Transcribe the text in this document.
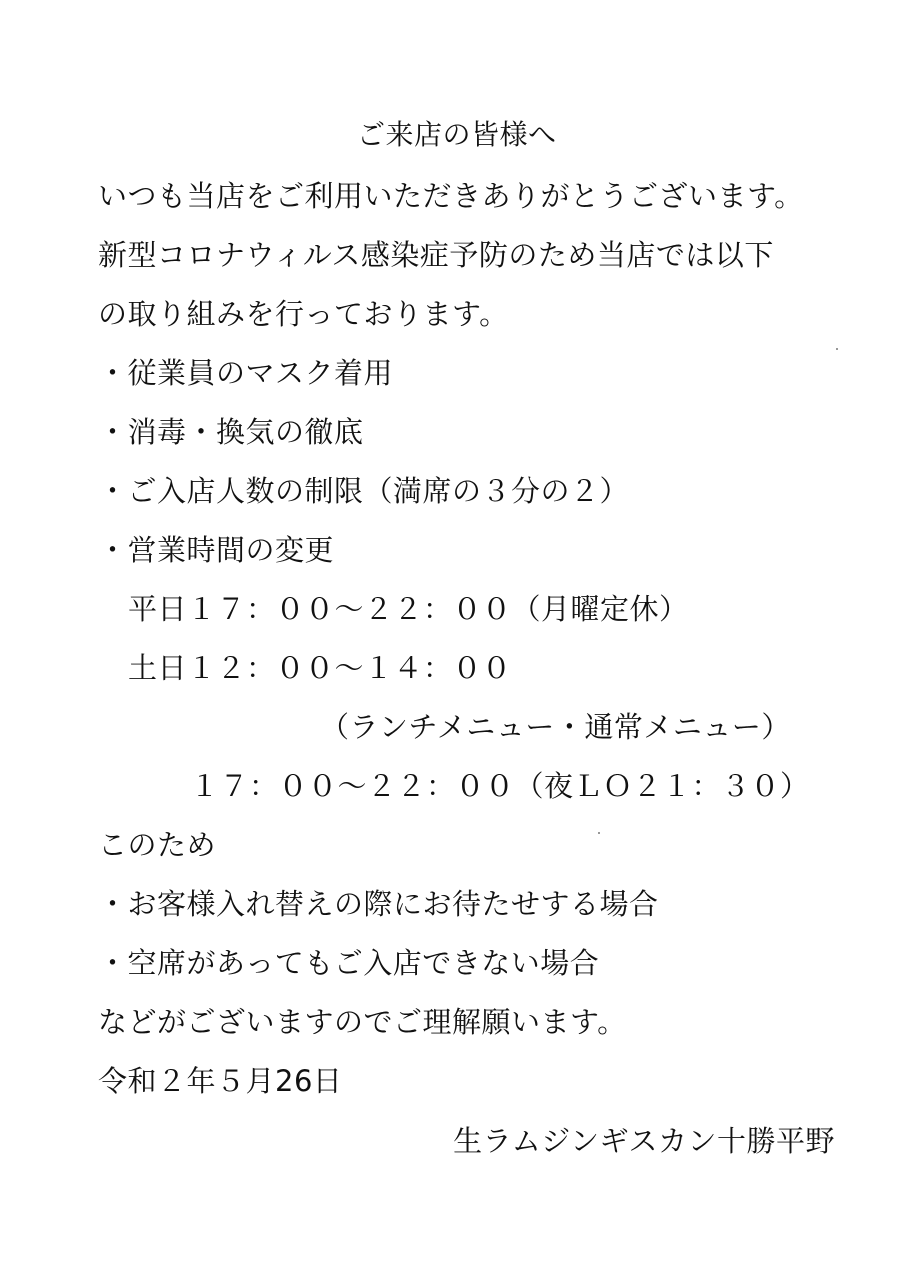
ご来店の皆様へ
いつも当店をご利用いただきありがとうございます。
新型コロナウィルス感染症予防のため当店では以下
の取り組みを行っております。
・従業員のマスク着用
・消毒・換気の徹底
・ご入店人数の制限（満席の３分の２）
・営業時間の変更
平日１７：００～２２：００（月曜定休）
土日１２：００～１４：００
（ランチメニュー・通常メニュー）
１７：００～２２：００（夜ＬＯ２１：３０）
このため
・お客様入れ替えの際にお待たせする場合
・空席があってもご入店できない場合
などがございますのでご理解願います。
令和２年５月26日
生ラムジンギスカン十勝平野
